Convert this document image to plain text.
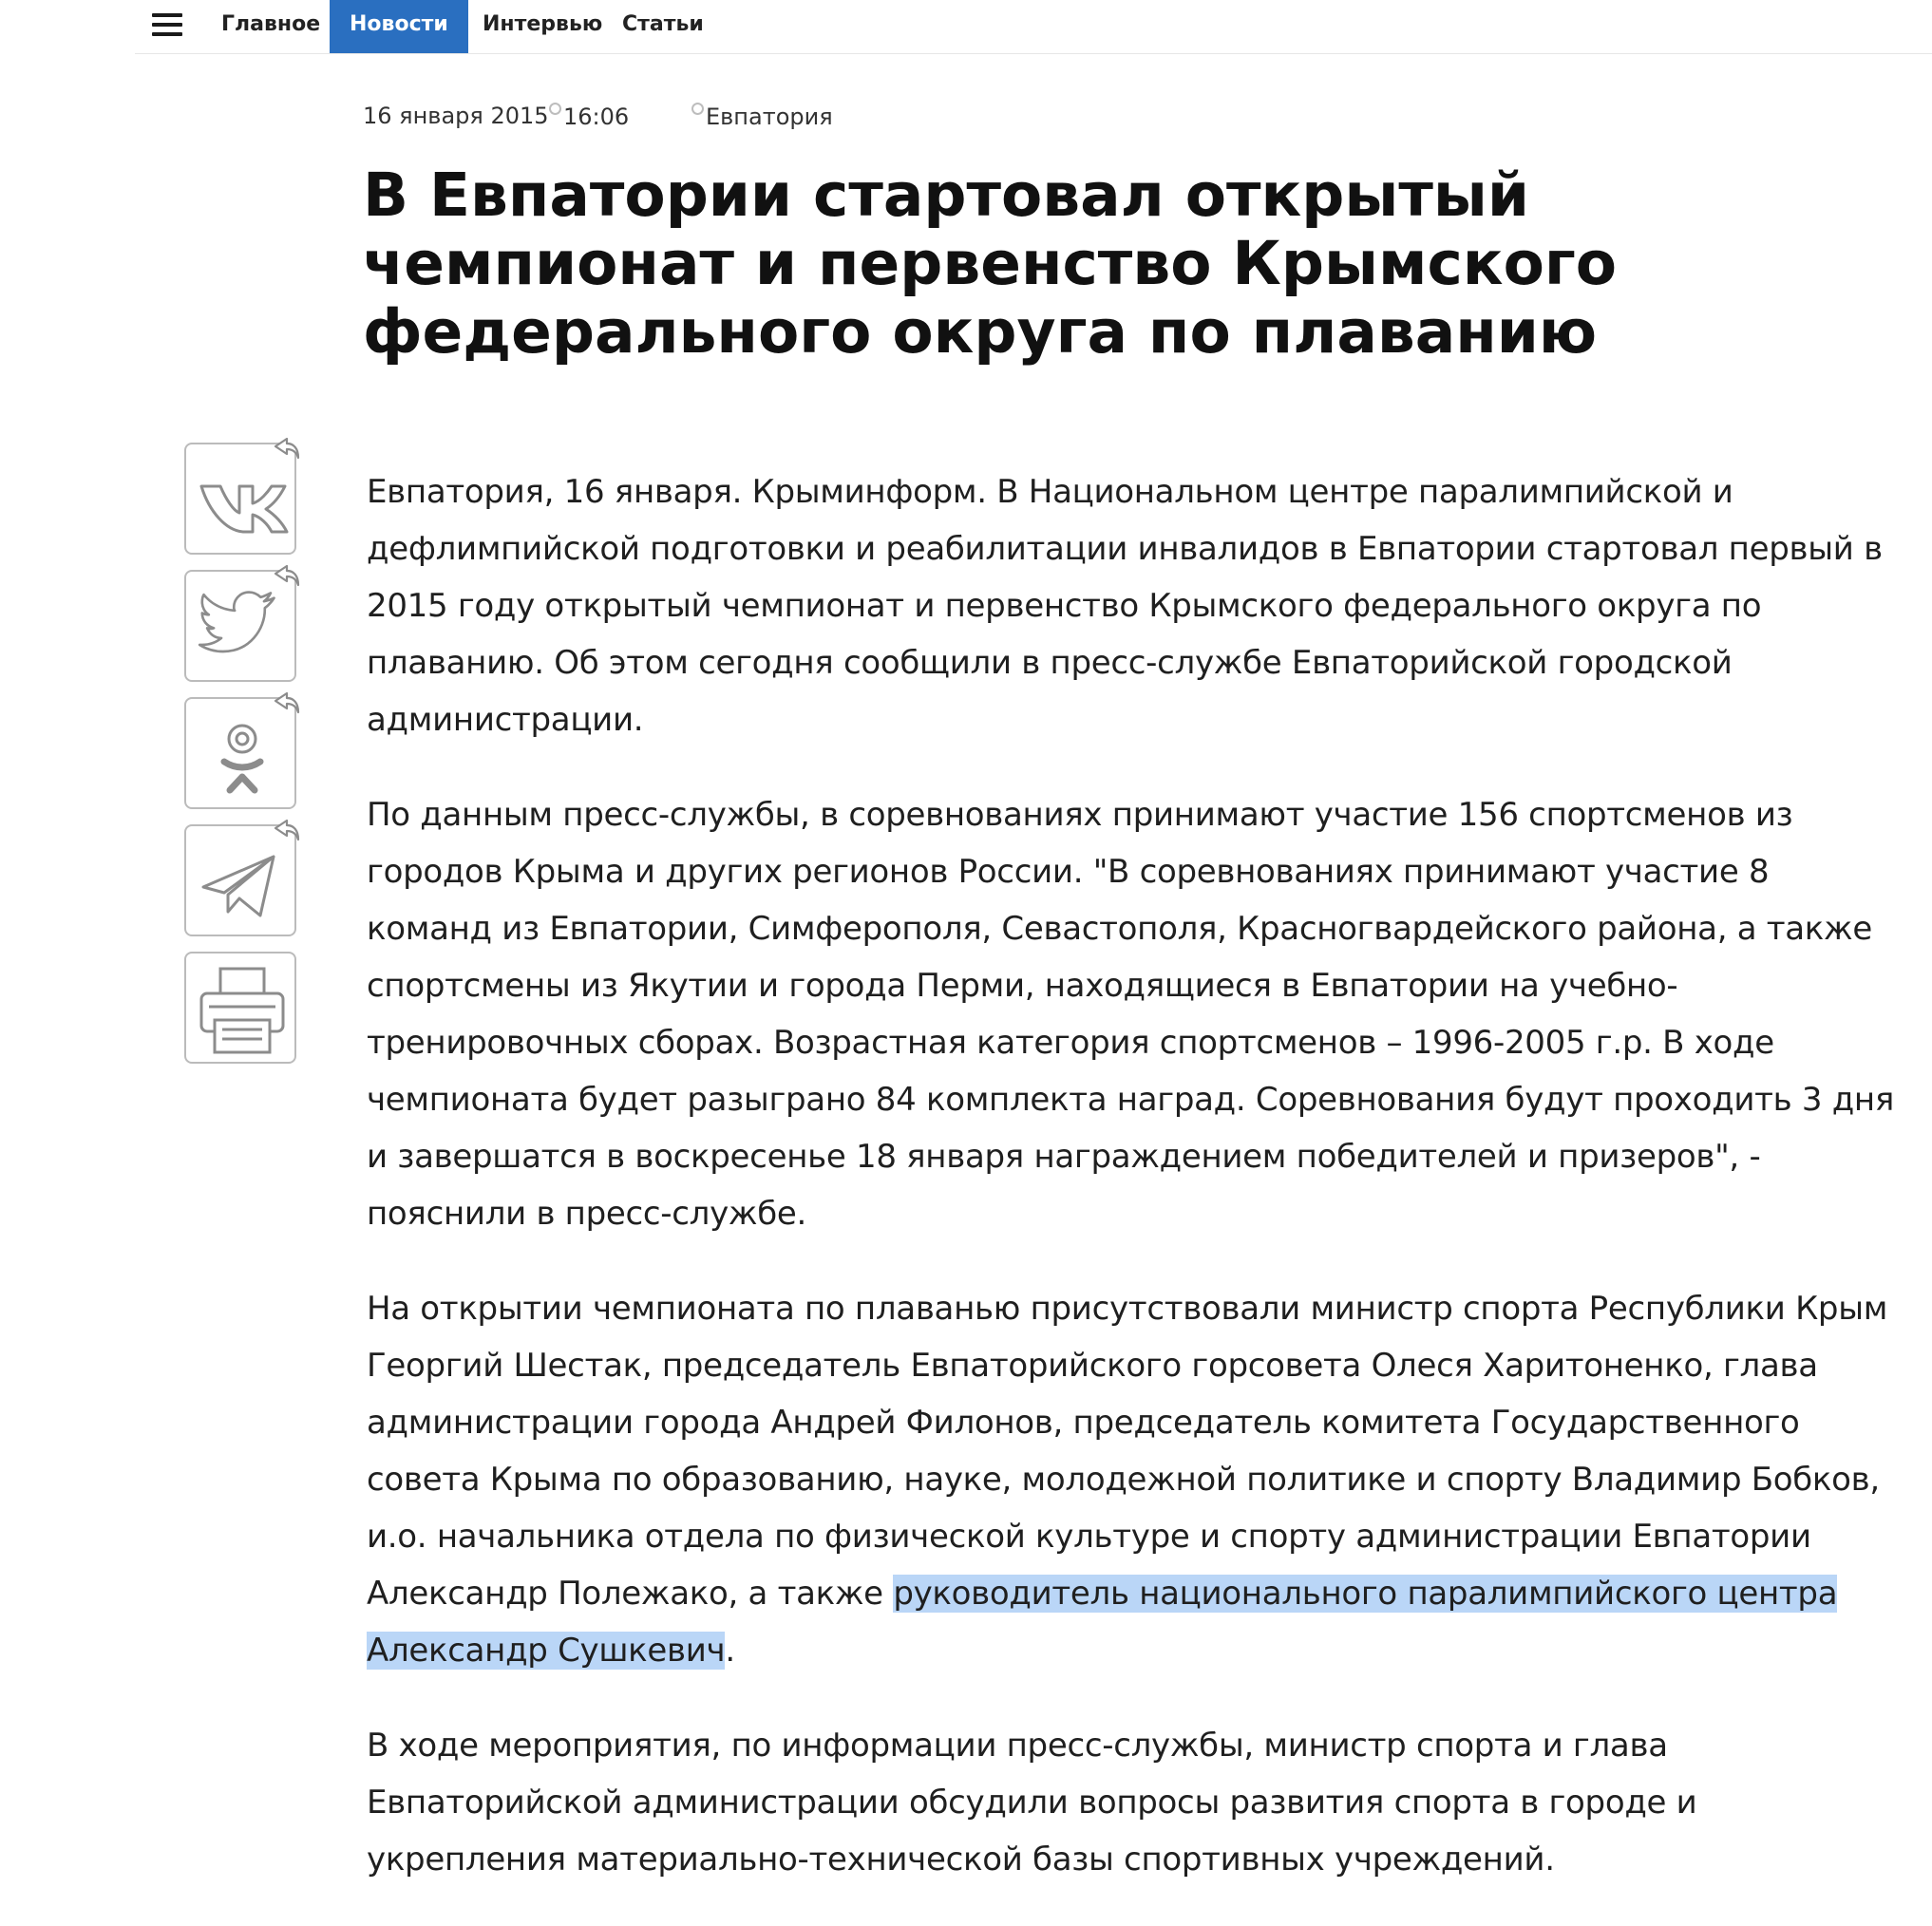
Главное	Новости	Интервью Статьи
16 января 2015 16:06	Евпатория
В Евпатории стартовал открытый чемпионат и первенство Крымского федерального округа по плаванию

Евпатория, 16 января. Крыминформ. В Национальном центре паралимпийской и дефлимпийской подготовки и реабилитации инвалидов в Евпатории стартовал первый в 2015 году открытый чемпионат и первенство Крымского федерального округа по плаванию. Об этом сегодня сообщили в пресс-службе Евпаторийской городской администрации.

По данным пресс-службы, в соревнованиях принимают участие 156 спортсменов из городов Крыма и других регионов России. "В соревнованиях принимают участие 8 команд из Евпатории, Симферополя, Севастополя, Красногвардейского района, а также спортсмены из Якутии и города Перми, находящиеся в Евпатории на учебно-тренировочных сборах. Возрастная категория спортсменов – 1996-2005 г.р. В ходе чемпионата будет разыграно 84 комплекта наград. Соревнования будут проходить 3 дня и завершатся в воскресенье 18 января награждением победителей и призеров", - пояснили в пресс-службе.

На открытии чемпионата по плаванью присутствовали министр спорта Республики Крым Георгий Шестак, председатель Евпаторийского горсовета Олеся Харитоненко, глава администрации города Андрей Филонов, председатель комитета Государственного совета Крыма по образованию, науке, молодежной политике и спорту Владимир Бобков, и.о. начальника отдела по физической культуре и спорту администрации Евпатории Александр Полежако, а также руководитель национального паралимпийского центра Александр Сушкевич.

В ходе мероприятия, по информации пресс-службы, министр спорта и глава Евпаторийской администрации обсудили вопросы развития спорта в городе и укрепления материально-технической базы спортивных учреждений.
